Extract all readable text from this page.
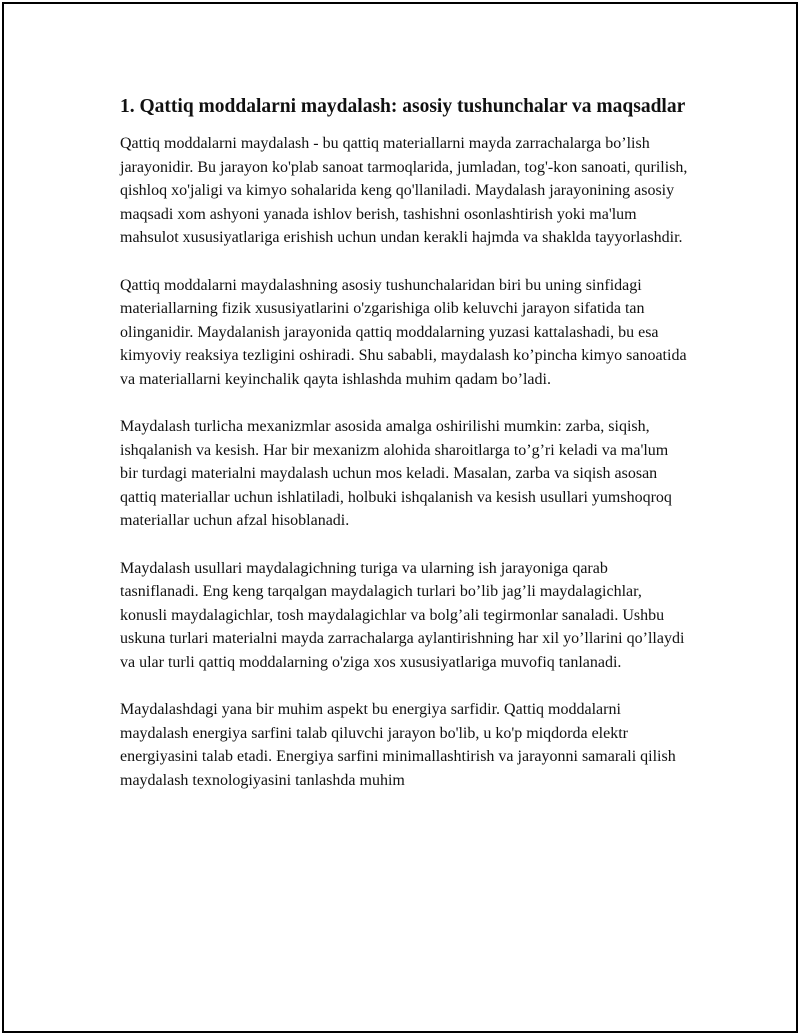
1. Qattiq moddalarni maydalash: asosiy tushunchalar va maqsadlar

Qattiq moddalarni maydalash - bu qattiq materiallarni mayda zarrachalarga bo’lish jarayonidir. Bu jarayon ko'plab sanoat tarmoqlarida, jumladan, tog'-kon sanoati, qurilish, qishloq xo'jaligi va kimyo sohalarida keng qo'llaniladi. Maydalash jarayonining asosiy maqsadi xom ashyoni yanada ishlov berish, tashishni osonlashtirish yoki ma'lum mahsulot xususiyatlariga erishish uchun undan kerakli hajmda va shaklda tayyorlashdir.

Qattiq moddalarni maydalashning asosiy tushunchalaridan biri bu uning sinfidagi materiallarning fizik xususiyatlarini o'zgarishiga olib keluvchi jarayon sifatida tan olinganidir. Maydalanish jarayonida qattiq moddalarning yuzasi kattalashadi, bu esa kimyoviy reaksiya tezligini oshiradi. Shu sababli, maydalash ko’pincha kimyo sanoatida va materiallarni keyinchalik qayta ishlashda muhim qadam bo’ladi.

Maydalash turlicha mexanizmlar asosida amalga oshirilishi mumkin: zarba, siqish, ishqalanish va kesish. Har bir mexanizm alohida sharoitlarga to’g’ri keladi va ma'lum bir turdagi materialni maydalash uchun mos keladi. Masalan, zarba va siqish asosan qattiq materiallar uchun ishlatiladi, holbuki ishqalanish va kesish usullari yumshoqroq materiallar uchun afzal hisoblanadi.

Maydalash usullari maydalagichning turiga va ularning ish jarayoniga qarab tasniflanadi. Eng keng tarqalgan maydalagich turlari bo’lib jag’li maydalagichlar, konusli maydalagichlar, tosh maydalagichlar va bolg’ali tegirmonlar sanaladi. Ushbu uskuna turlari materialni mayda zarrachalarga aylantirishning har xil yo’llarini qo’llaydi va ular turli qattiq moddalarning o'ziga xos xususiyatlariga muvofiq tanlanadi.

Maydalashdagi yana bir muhim aspekt bu energiya sarfidir. Qattiq moddalarni maydalash energiya sarfini talab qiluvchi jarayon bo'lib, u ko'p miqdorda elektr energiyasini talab etadi. Energiya sarfini minimallashtirish va jarayonni samarali qilish maydalash texnologiyasini tanlashda muhim
